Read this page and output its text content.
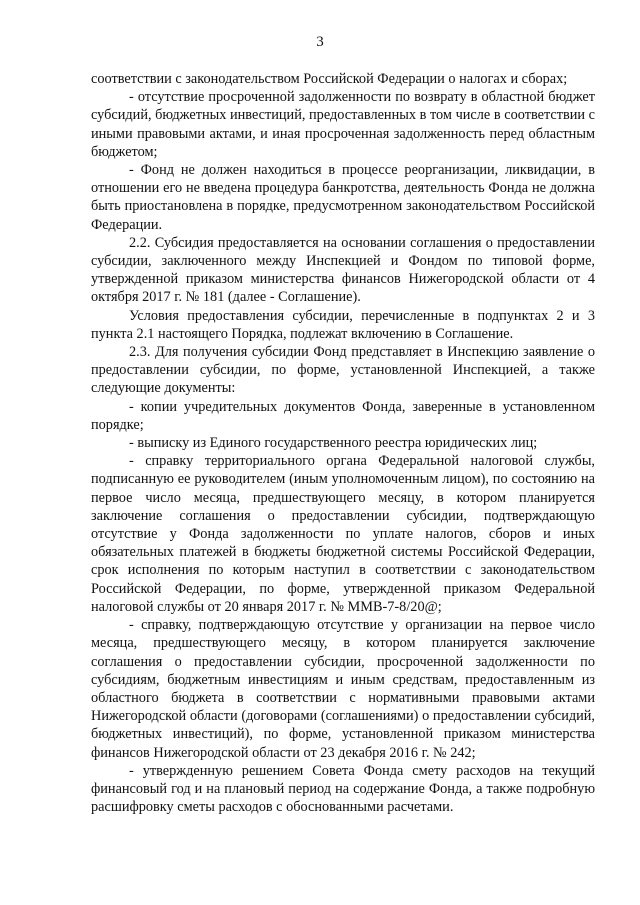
3

соответствии с законодательством Российской Федерации о налогах и сборах;

- отсутствие просроченной задолженности по возврату в областной бюджет субсидий, бюджетных инвестиций, предоставленных в том числе в соответствии с иными правовыми актами, и иная просроченная задолженность перед областным бюджетом;

- Фонд не должен находиться в процессе реорганизации, ликвидации, в отношении его не введена процедура банкротства, деятельность Фонда не должна быть приостановлена в порядке, предусмотренном законодательством Российской Федерации.

2.2. Субсидия предоставляется на основании соглашения о предоставлении субсидии, заключенного между Инспекцией и Фондом по типовой форме, утвержденной приказом министерства финансов Нижегородской области от 4 октября 2017 г. № 181 (далее - Соглашение).

Условия предоставления субсидии, перечисленные в подпунктах 2 и 3 пункта 2.1 настоящего Порядка, подлежат включению в Соглашение.

2.3. Для получения субсидии Фонд представляет в Инспекцию заявление о предоставлении субсидии, по форме, установленной Инспекцией, а также следующие документы:

- копии учредительных документов Фонда, заверенные в установленном порядке;

- выписку из Единого государственного реестра юридических лиц;

- справку территориального органа Федеральной налоговой службы, подписанную ее руководителем (иным уполномоченным лицом), по состоянию на первое число месяца, предшествующего месяцу, в котором планируется заключение соглашения о предоставлении субсидии, подтверждающую отсутствие у Фонда задолженности по уплате налогов, сборов и иных обязательных платежей в бюджеты бюджетной системы Российской Федерации, срок исполнения по которым наступил в соответствии с законодательством Российской Федерации, по форме, утвержденной приказом Федеральной налоговой службы от 20 января 2017 г. № ММВ-7-8/20@;

- справку, подтверждающую отсутствие у организации на первое число месяца, предшествующего месяцу, в котором планируется заключение соглашения о предоставлении субсидии, просроченной задолженности по субсидиям, бюджетным инвестициям и иным средствам, предоставленным из областного бюджета в соответствии с нормативными правовыми актами Нижегородской области (договорами (соглашениями) о предоставлении субсидий, бюджетных инвестиций), по форме, установленной приказом министерства финансов Нижегородской области от 23 декабря 2016 г. № 242;

- утвержденную решением Совета Фонда смету расходов на текущий финансовый год и на плановый период на содержание Фонда, а также подробную расшифровку сметы расходов с обоснованными расчетами.
